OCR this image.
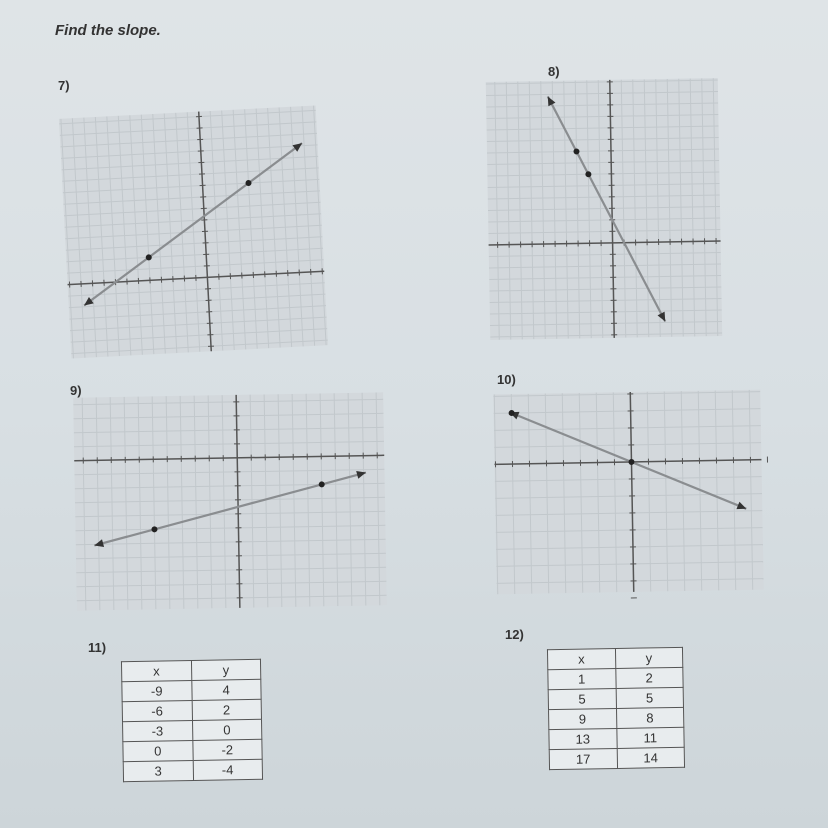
Find the slope.
7)
8)
9)
10)
11)
x	y
-9	4
-6	2
-3	0
0	-2
3	-4
12)
x	y
1	2
5	5
9	8
13	11
17	14
